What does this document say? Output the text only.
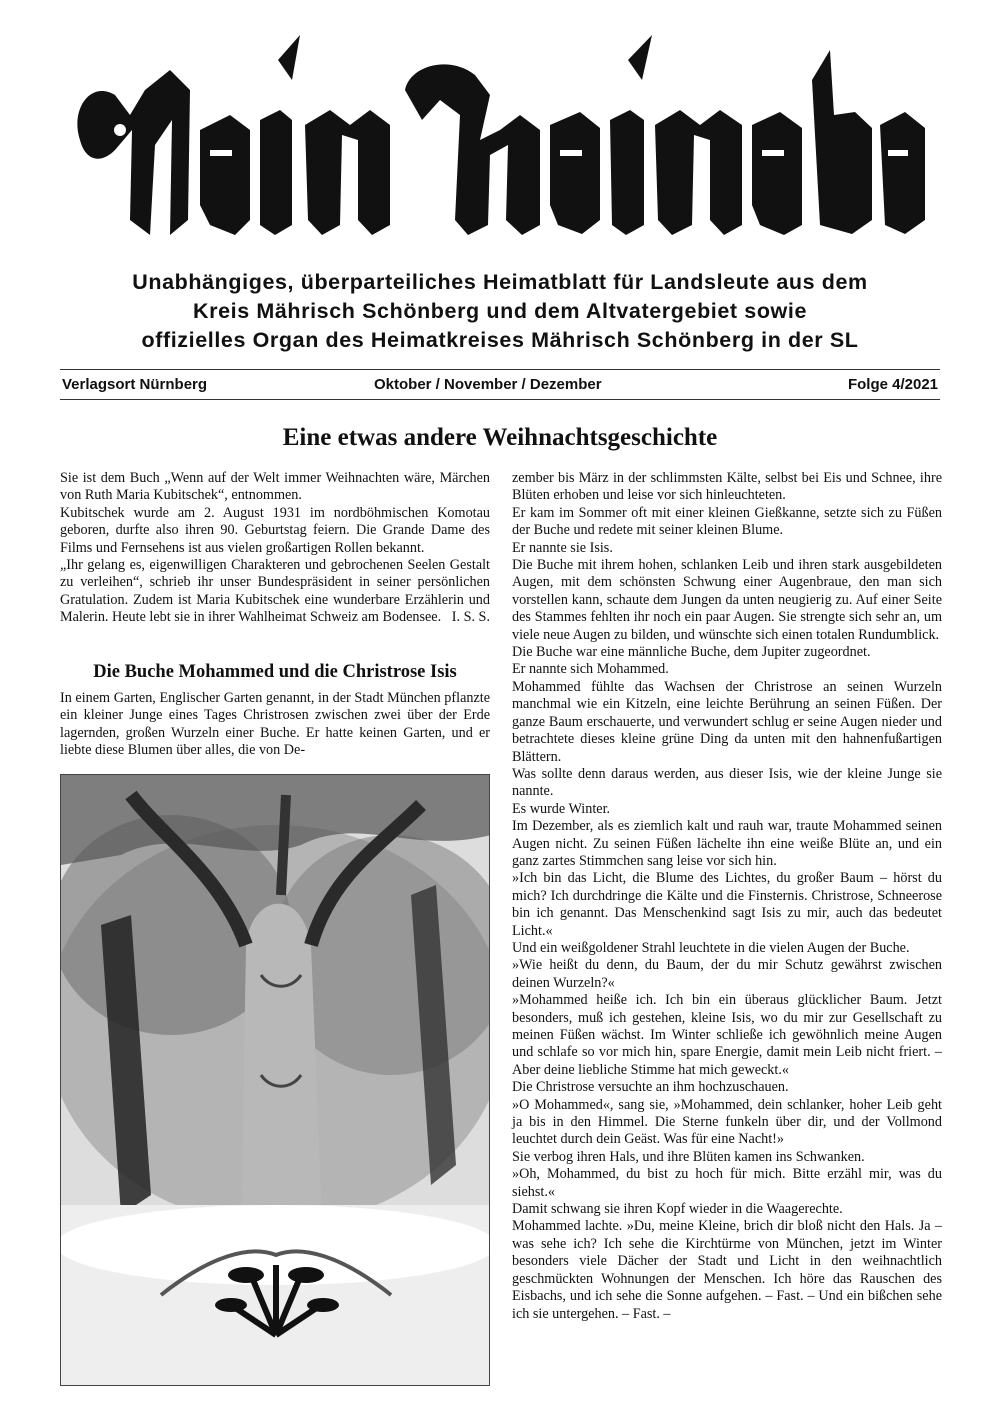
Unabhängiges, überparteiliches Heimatblatt für Landsleute aus dem
Kreis Mährisch Schönberg und dem Altvatergebiet sowie
offizielles Organ des Heimatkreises Mährisch Schönberg in der SL
Verlagsort Nürnberg	Oktober / November / Dezember	Folge 4/2021
Eine etwas andere Weihnachtsgeschichte

Sie ist dem Buch „Wenn auf der Welt immer Weihnachten wäre, Märchen von Ruth Maria Kubitschek“, entnommen.

Kubitschek wurde am 2. August 1931 im nordböhmischen Komotau geboren, durfte also ihren 90. Geburtstag feiern. Die Grande Dame des Films und Fernsehens ist aus vielen großartigen Rollen bekannt.

„Ihr gelang es, eigenwilligen Charakteren und gebrochenen Seelen Gestalt zu verleihen“, schrieb ihr unser Bundespräsident in seiner persönlichen Gratulation. Zudem ist Maria Kubitschek eine wunderbare Erzählerin und Malerin. Heute lebt sie in ihrer Wahlheimat Schweiz am Bodensee. I. S. S.

Die Buche Mohammed und die Christrose Isis

In einem Garten, Englischer Garten genannt, in der Stadt München pflanzte ein kleiner Junge eines Tages Christrosen zwischen zwei über der Erde lagernden, großen Wurzeln einer Buche. Er hatte keinen Garten, und er liebte diese Blumen über alles, die von De-

zember bis März in der schlimmsten Kälte, selbst bei Eis und Schnee, ihre Blüten erhoben und leise vor sich hinleuchteten.

Er kam im Sommer oft mit einer kleinen Gießkanne, setzte sich zu Füßen der Buche und redete mit seiner kleinen Blume.

Er nannte sie Isis.

Die Buche mit ihrem hohen, schlanken Leib und ihren stark ausgebildeten Augen, mit dem schönsten Schwung einer Augenbraue, den man sich vorstellen kann, schaute dem Jungen da unten neugierig zu. Auf einer Seite des Stammes fehlten ihr noch ein paar Augen. Sie strengte sich sehr an, um viele neue Augen zu bilden, und wünschte sich einen totalen Rundumblick.

Die Buche war eine männliche Buche, dem Jupiter zugeordnet.

Er nannte sich Mohammed.

Mohammed fühlte das Wachsen der Christrose an seinen Wurzeln manchmal wie ein Kitzeln, eine leichte Berührung an seinen Füßen. Der ganze Baum erschauerte, und verwundert schlug er seine Augen nieder und betrachtete dieses kleine grüne Ding da unten mit den hahnenfußartigen Blättern.

Was sollte denn daraus werden, aus dieser Isis, wie der kleine Junge sie nannte.

Es wurde Winter.

Im Dezember, als es ziemlich kalt und rauh war, traute Mohammed seinen Augen nicht. Zu seinen Füßen lächelte ihn eine weiße Blüte an, und ein ganz zartes Stimmchen sang leise vor sich hin.

»Ich bin das Licht, die Blume des Lichtes, du großer Baum – hörst du mich? Ich durchdringe die Kälte und die Finsternis. Christrose, Schneerose bin ich genannt. Das Menschenkind sagt Isis zu mir, auch das bedeutet Licht.«

Und ein weißgoldener Strahl leuchtete in die vielen Augen der Buche.

»Wie heißt du denn, du Baum, der du mir Schutz gewährst zwischen deinen Wurzeln?«

»Mohammed heiße ich. Ich bin ein überaus glücklicher Baum. Jetzt besonders, muß ich gestehen, kleine Isis, wo du mir zur Gesellschaft zu meinen Füßen wächst. Im Winter schließe ich gewöhnlich meine Augen und schlafe so vor mich hin, spare Energie, damit mein Leib nicht friert. – Aber deine liebliche Stimme hat mich geweckt.«

Die Christrose versuchte an ihm hochzuschauen.

»O Mohammed«, sang sie, »Mohammed, dein schlanker, hoher Leib geht ja bis in den Himmel. Die Sterne funkeln über dir, und der Vollmond leuchtet durch dein Geäst. Was für eine Nacht!»

Sie verbog ihren Hals, und ihre Blüten kamen ins Schwanken.

»Oh, Mohammed, du bist zu hoch für mich. Bitte erzähl mir, was du siehst.«

Damit schwang sie ihren Kopf wieder in die Waagerechte.

Mohammed lachte. »Du, meine Kleine, brich dir bloß nicht den Hals. Ja – was sehe ich? Ich sehe die Kirchtürme von München, jetzt im Winter besonders viele Dächer der Stadt und Licht in den weihnachtlich geschmückten Wohnungen der Menschen. Ich höre das Rauschen des Eisbachs, und ich sehe die Sonne aufgehen. – Fast. – Und ein bißchen sehe ich sie untergehen. – Fast. –
